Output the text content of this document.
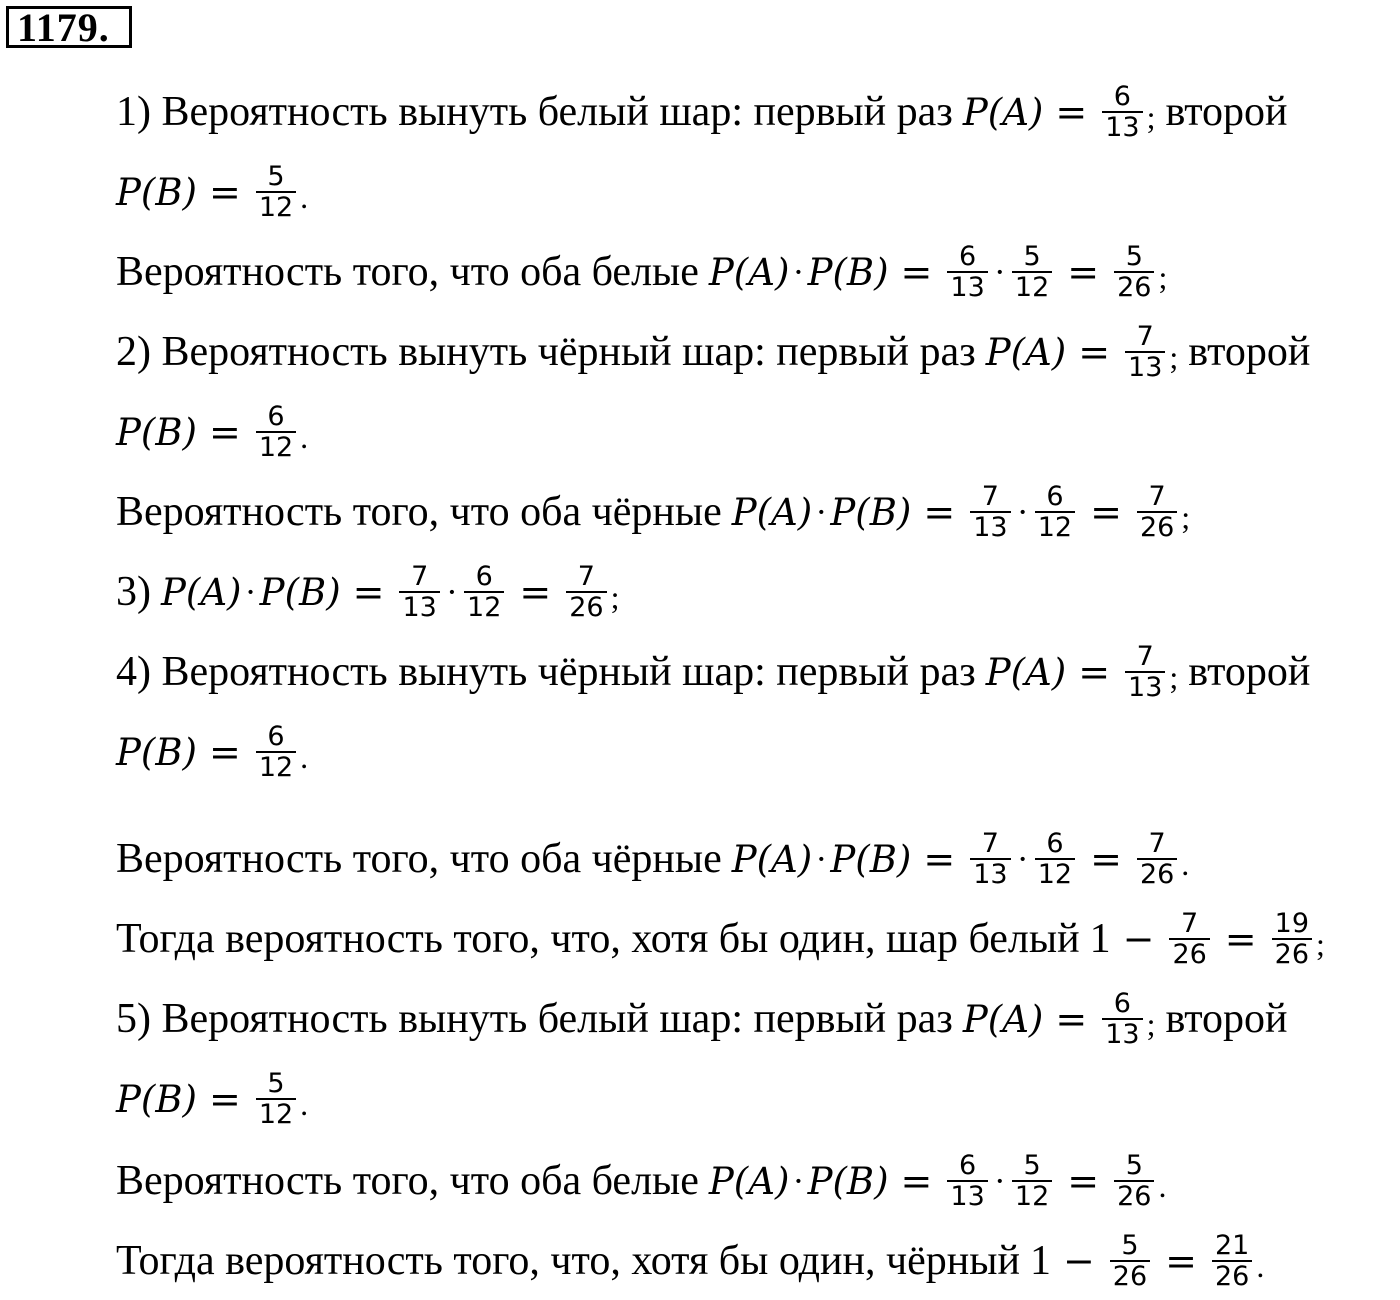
1179.
1) Вероятность вынуть белый шар: первый раз $P(A) = \frac{6}{13}$ ; второй
$P(B) = \frac{5}{12}$ .
Вероятность того, что оба белые $P(A) \cdot P(B) = \frac{6}{13} \cdot \frac{5}{12} = \frac{5}{26}$ ;
2) Вероятность вынуть чёрный шар: первый раз $P(A) = \frac{7}{13}$ ; второй
$P(B) = \frac{6}{12}$ .
Вероятность того, что оба чёрные $P(A) \cdot P(B) = \frac{7}{13} \cdot \frac{6}{12} = \frac{7}{26}$ ;
3) $P(A) \cdot P(B) = \frac{7}{13} \cdot \frac{6}{12} = \frac{7}{26}$ ;
4) Вероятность вынуть чёрный шар: первый раз $P(A) = \frac{7}{13}$ ; второй
$P(B) = \frac{6}{12}$ .
Вероятность того, что оба чёрные $P(A) \cdot P(B) = \frac{7}{13} \cdot \frac{6}{12} = \frac{7}{26}$ .
Тогда вероятность того, что, хотя бы один, шар белый $1 - \frac{7}{26} = \frac{19}{26}$ ;
5) Вероятность вынуть белый шар: первый раз $P(A) = \frac{6}{13}$ ; второй
$P(B) = \frac{5}{12}$ .
Вероятность того, что оба белые $P(A) \cdot P(B) = \frac{6}{13} \cdot \frac{5}{12} = \frac{5}{26}$ .
Тогда вероятность того, что, хотя бы один, чёрный $1 - \frac{5}{26} = \frac{21}{26}$ .
